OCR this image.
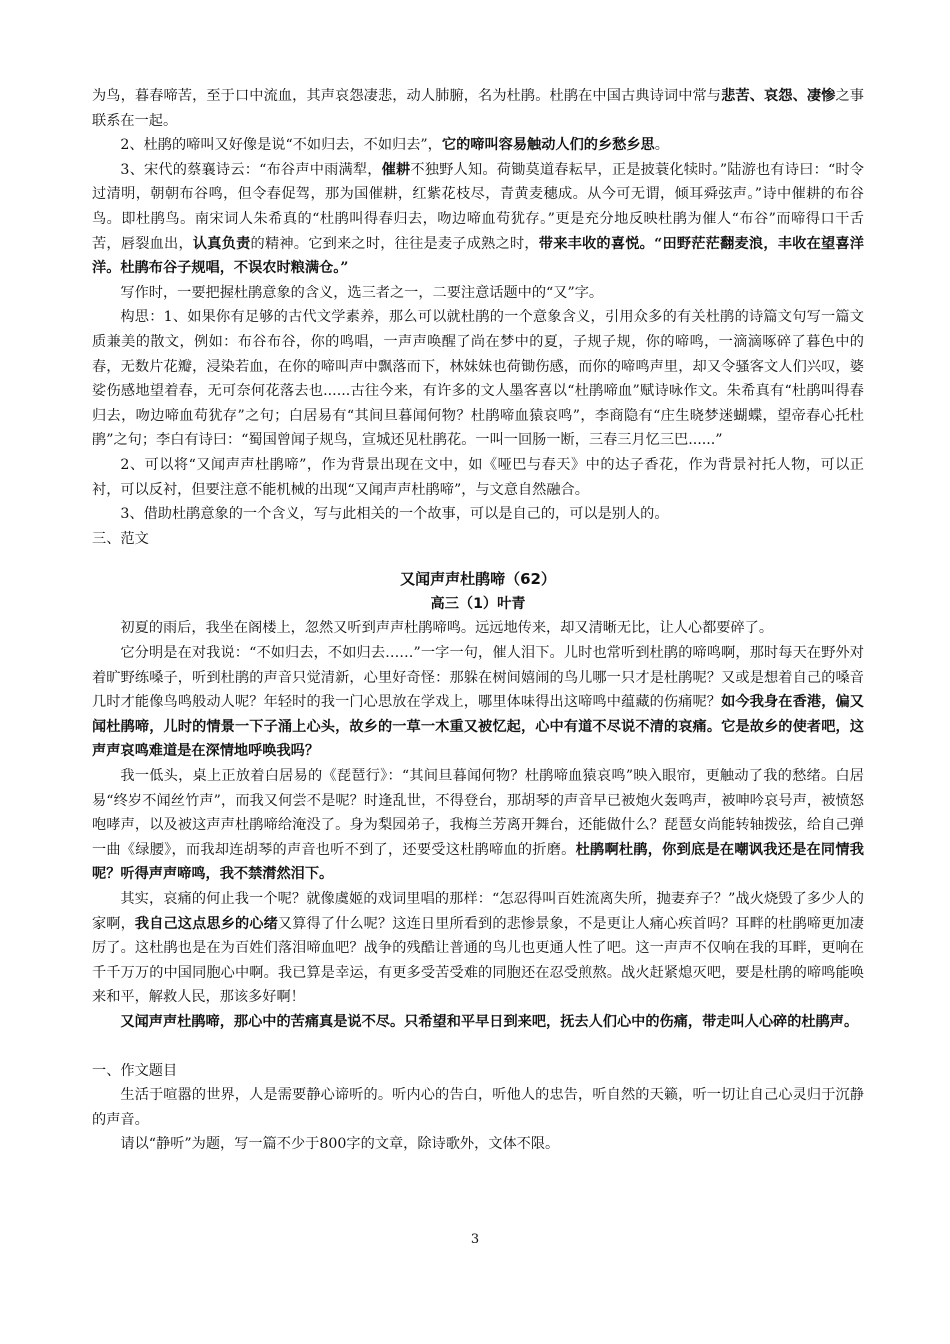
为鸟，暮春啼苦，至于口中流血，其声哀怨凄悲，动人肺腑，名为杜鹃。杜鹃在中国古典诗词中常与悲苦、哀怨、凄惨之事联系在一起。

2、杜鹃的啼叫又好像是说“不如归去，不如归去”，它的啼叫容易触动人们的乡愁乡思。

3、宋代的蔡襄诗云：“布谷声中雨满犁，催耕不独野人知。荷锄莫道春耘早，正是披蓑化犊时。”陆游也有诗曰：“时令过清明，朝朝布谷鸣，但令春促驾，那为国催耕，红紫花枝尽，青黄麦穗成。从今可无谓，倾耳舜弦声。”诗中催耕的布谷鸟。即杜鹃鸟。南宋词人朱希真的“杜鹃叫得春归去，吻边啼血苟犹存。”更是充分地反映杜鹃为催人“布谷”而啼得口干舌苦，唇裂血出，认真负责的精神。它到来之时，往往是麦子成熟之时，带来丰收的喜悦。“田野茫茫翻麦浪，丰收在望喜洋洋。杜鹃布谷子规唱，不误农时粮满仓。”

写作时，一要把握杜鹃意象的含义，选三者之一，二要注意话题中的“又”字。

构思：1、如果你有足够的古代文学素养，那么可以就杜鹃的一个意象含义，引用众多的有关杜鹃的诗篇文句写一篇文质兼美的散文，例如：布谷布谷，你的鸣唱，一声声唤醒了尚在梦中的夏，子规子规，你的啼鸣，一滴滴啄碎了暮色中的春，无数片花瓣，浸染若血，在你的啼叫声中飘落而下，林妹妹也荷锄伤感，而你的啼鸣声里，却又令骚客文人们兴叹，婆娑伤感地望着春，无可奈何花落去也......古往今来，有许多的文人墨客喜以“杜鹃啼血”赋诗咏作文。朱希真有“杜鹃叫得春归去，吻边啼血苟犹存”之句；白居易有“其间旦暮闻何物？杜鹃啼血猿哀鸣”，李商隐有“庄生晓梦迷蝴蝶，望帝春心托杜鹃”之句；李白有诗曰：“蜀国曾闻子规鸟，宣城还见杜鹃花。一叫一回肠一断，三春三月忆三巴......”

2、可以将“又闻声声杜鹃啼”，作为背景出现在文中，如《哑巴与春天》中的达子香花，作为背景衬托人物，可以正衬，可以反衬，但要注意不能机械的出现“又闻声声杜鹃啼”，与文意自然融合。

3、借助杜鹃意象的一个含义，写与此相关的一个故事，可以是自己的，可以是别人的。

三、范文

又闻声声杜鹃啼（62）

高三（1）叶青

初夏的雨后，我坐在阁楼上，忽然又听到声声杜鹃啼鸣。远远地传来，却又清晰无比，让人心都要碎了。

它分明是在对我说：“不如归去，不如归去……”一字一句，催人泪下。儿时也常听到杜鹃的啼鸣啊，那时每天在野外对着旷野练嗓子，听到杜鹃的声音只觉清新，心里好奇怪：那躲在树间嬉闹的鸟儿哪一只才是杜鹃呢？又或是想着自己的嗓音几时才能像鸟鸣般动人呢？年轻时的我一门心思放在学戏上，哪里体味得出这啼鸣中蕴藏的伤痛呢？如今我身在香港，偏又闻杜鹃啼，儿时的情景一下子涌上心头，故乡的一草一木重又被忆起，心中有道不尽说不清的哀痛。它是故乡的使者吧，这声声哀鸣难道是在深情地呼唤我吗？

我一低头，桌上正放着白居易的《琵琶行》：“其间旦暮闻何物？杜鹃啼血猿哀鸣”映入眼帘，更触动了我的愁绪。白居易“终岁不闻丝竹声”，而我又何尝不是呢？时逢乱世，不得登台，那胡琴的声音早已被炮火轰鸣声，被呻吟哀号声，被愤怒咆哮声，以及被这声声杜鹃啼给淹没了。身为梨园弟子，我梅兰芳离开舞台，还能做什么？琵琶女尚能转轴拨弦，给自己弹一曲《绿腰》，而我却连胡琴的声音也听不到了，还要受这杜鹃啼血的折磨。杜鹃啊杜鹃，你到底是在嘲讽我还是在同情我呢？听得声声啼鸣，我不禁潸然泪下。

其实，哀痛的何止我一个呢？就像虞姬的戏词里唱的那样：“怎忍得叫百姓流离失所，抛妻弃子？”战火烧毁了多少人的家啊，我自己这点思乡的心绪又算得了什么呢？这连日里所看到的悲惨景象，不是更让人痛心疾首吗？耳畔的杜鹃啼更加凄厉了。这杜鹃也是在为百姓们落泪啼血吧？战争的残酷让普通的鸟儿也更通人性了吧。这一声声不仅响在我的耳畔，更响在千千万万的中国同胞心中啊。我已算是幸运，有更多受苦受难的同胞还在忍受煎熬。战火赶紧熄灭吧，要是杜鹃的啼鸣能唤来和平，解救人民，那该多好啊！

又闻声声杜鹃啼，那心中的苦痛真是说不尽。只希望和平早日到来吧，抚去人们心中的伤痛，带走叫人心碎的杜鹃声。

一、作文题目

生活于喧嚣的世界，人是需要静心谛听的。听内心的告白，听他人的忠告，听自然的天籁，听一切让自己心灵归于沉静的声音。

请以“静听”为题，写一篇不少于800字的文章，除诗歌外，文体不限。

3
